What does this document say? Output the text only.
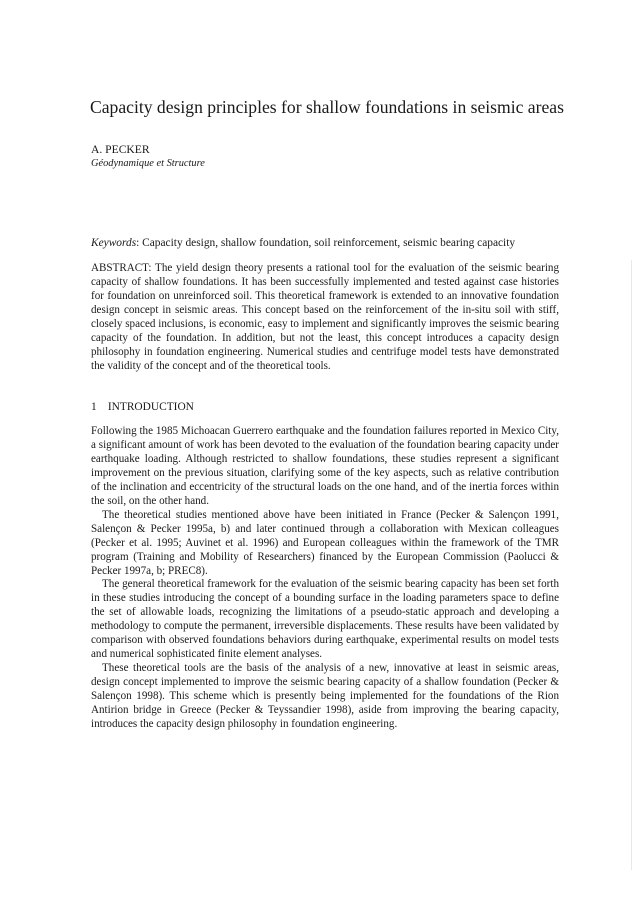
Capacity design principles for shallow foundations in seismic areas
A. PECKER
Géodynamique et Structure
Keywords: Capacity design, shallow foundation, soil reinforcement, seismic bearing capacity
ABSTRACT: The yield design theory presents a rational tool for the evaluation of the seismic bearing capacity of shallow foundations. It has been successfully implemented and tested against case histories for foundation on unreinforced soil. This theoretical framework is extended to an innovative foundation design concept in seismic areas. This concept based on the reinforcement of the in-situ soil with stiff, closely spaced inclusions, is economic, easy to implement and significantly improves the seismic bearing capacity of the foundation. In addition, but not the least, this concept introduces a capacity design philosophy in foundation engineering. Numerical studies and centrifuge model tests have demonstrated the validity of the concept and of the theoretical tools.
1 INTRODUCTION

Following the 1985 Michoacan Guerrero earthquake and the foundation failures reported in Mexico City, a significant amount of work has been devoted to the evaluation of the foundation bearing capacity under earthquake loading. Although restricted to shallow foundations, these studies represent a significant improvement on the previous situation, clarifying some of the key aspects, such as relative contribution of the inclination and eccentricity of the structural loads on the one hand, and of the inertia forces within the soil, on the other hand.

The theoretical studies mentioned above have been initiated in France (Pecker & Salençon 1991, Salençon & Pecker 1995a, b) and later continued through a collaboration with Mexican colleagues (Pecker et al. 1995; Auvinet et al. 1996) and European colleagues within the framework of the TMR program (Training and Mobility of Researchers) financed by the European Commission (Paolucci & Pecker 1997a, b; PREC8).

The general theoretical framework for the evaluation of the seismic bearing capacity has been set forth in these studies introducing the concept of a bounding surface in the loading parameters space to define the set of allowable loads, recognizing the limitations of a pseudo-static approach and developing a methodology to compute the permanent, irreversible displacements. These results have been validated by comparison with observed foundations behaviors during earthquake, experimental results on model tests and numerical sophisticated finite element analyses.

These theoretical tools are the basis of the analysis of a new, innovative at least in seismic areas, design concept implemented to improve the seismic bearing capacity of a shallow foundation (Pecker & Salençon 1998). This scheme which is presently being implemented for the foundations of the Rion Antirion bridge in Greece (Pecker & Teyssandier 1998), aside from improving the bearing capacity, introduces the capacity design philosophy in foundation engineering.
